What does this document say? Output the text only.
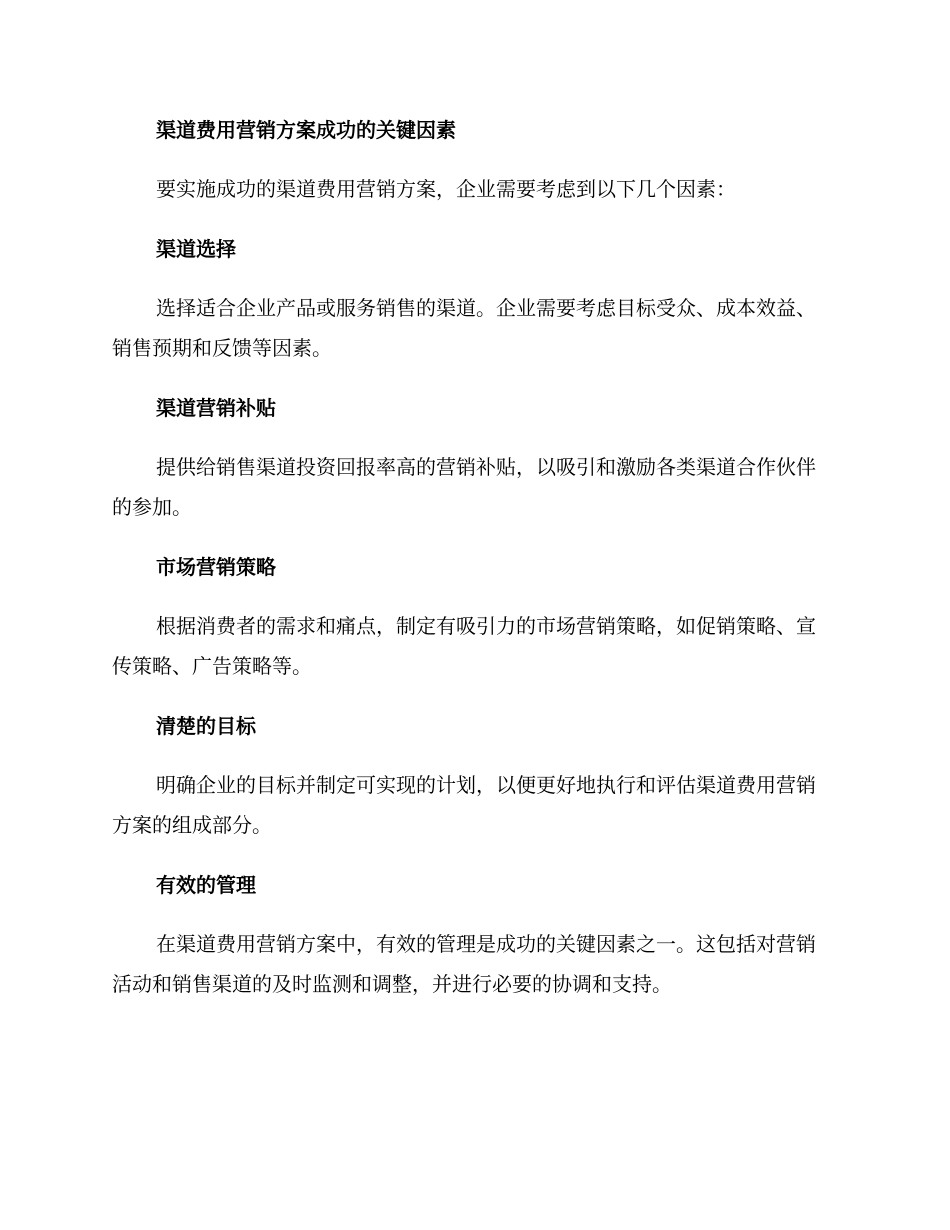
渠道费用营销方案成功的关键因素

要实施成功的渠道费用营销方案，企业需要考虑到以下几个因素：

渠道选择

选择适合企业产品或服务销售的渠道。企业需要考虑目标受众、成本效益、销售预期和反馈等因素。

渠道营销补贴

提供给销售渠道投资回报率高的营销补贴，以吸引和激励各类渠道合作伙伴的参加。

市场营销策略

根据消费者的需求和痛点，制定有吸引力的市场营销策略，如促销策略、宣传策略、广告策略等。

清楚的目标

明确企业的目标并制定可实现的计划，以便更好地执行和评估渠道费用营销方案的组成部分。

有效的管理

在渠道费用营销方案中，有效的管理是成功的关键因素之一。这包括对营销活动和销售渠道的及时监测和调整，并进行必要的协调和支持。
